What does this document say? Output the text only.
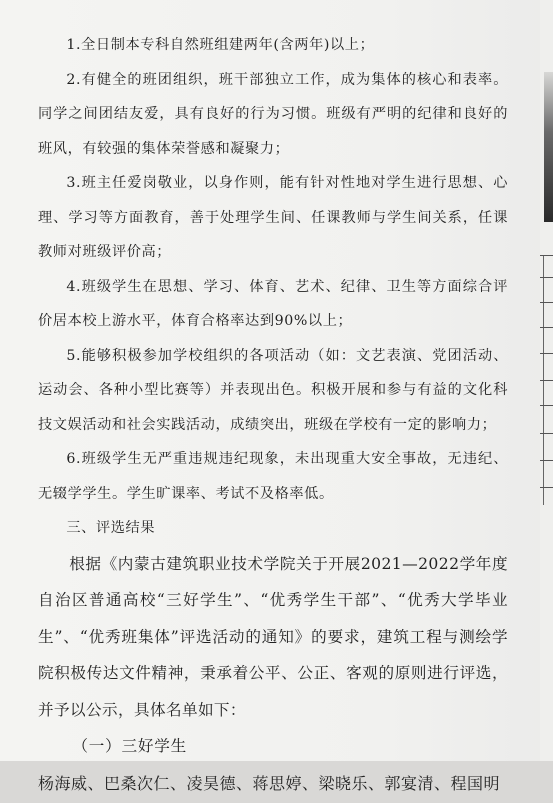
1.全日制本专科自然班组建两年(含两年)以上；

2.有健全的班团组织，班干部独立工作，成为集体的核心和表率。同学之间团结友爱，具有良好的行为习惯。班级有严明的纪律和良好的班风，有较强的集体荣誉感和凝聚力；

3.班主任爱岗敬业，以身作则，能有针对性地对学生进行思想、心理、学习等方面教育，善于处理学生间、任课教师与学生间关系，任课教师对班级评价高；

4.班级学生在思想、学习、体育、艺术、纪律、卫生等方面综合评价居本校上游水平，体育合格率达到90%以上；

5.能够积极参加学校组织的各项活动（如：文艺表演、党团活动、运动会、各种小型比赛等）并表现出色。积极开展和参与有益的文化科技文娱活动和社会实践活动，成绩突出，班级在学校有一定的影响力；

6.班级学生无严重违规违纪现象，未出现重大安全事故，无违纪、无辍学学生。学生旷课率、考试不及格率低。

三、评选结果

根据《内蒙古建筑职业技术学院关于开展2021—2022学年度自治区普通高校“三好学生”、“优秀学生干部”、“优秀大学毕业生”、“优秀班集体”评选活动的通知》的要求，建筑工程与测绘学院积极传达文件精神，秉承着公平、公正、客观的原则进行评选，并予以公示，具体名单如下：

（一）三好学生

杨海威、巴桑次仁、凌昊德、蒋思婷、梁晓乐、郭宴清、程国明
